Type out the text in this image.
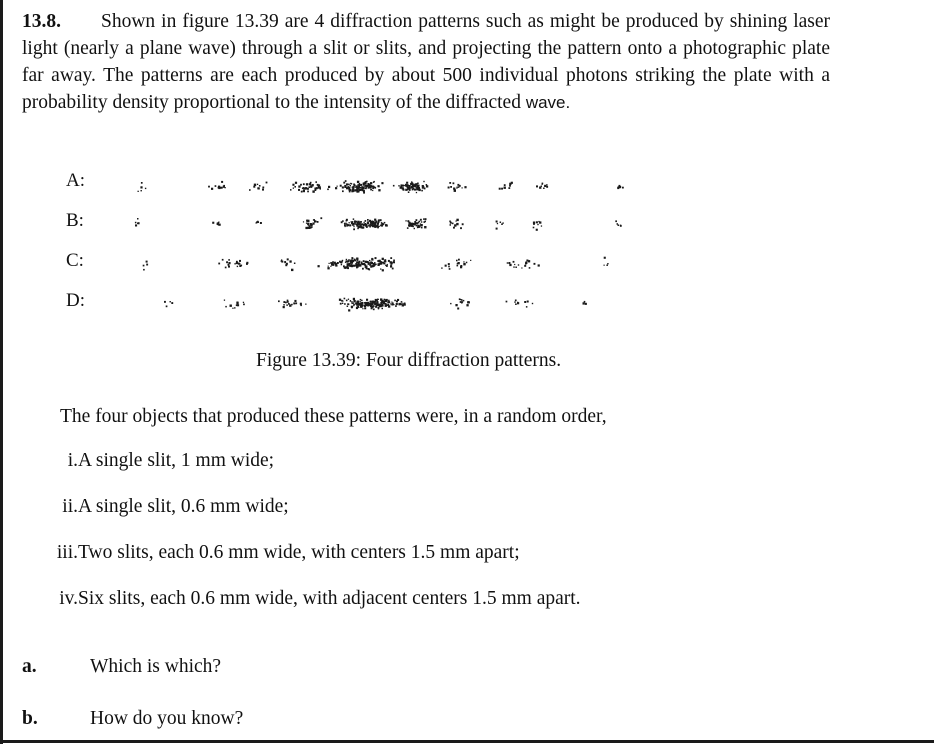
13.8. Shown in figure 13.39 are 4 diffraction patterns such as might be produced by shining laser light (nearly a plane wave) through a slit or slits, and projecting the pattern onto a photographic plate far away. The patterns are each produced by about 500 individual photons striking the plate with a probability density proportional to the intensity of the diffracted wave.
A:
B:
C:
D:
Figure 13.39: Four diffraction patterns.
The four objects that produced these patterns were, in a random order,
i. A single slit, 1 mm wide;
ii. A single slit, 0.6 mm wide;
iii. Two slits, each 0.6 mm wide, with centers 1.5 mm apart;
iv. Six slits, each 0.6 mm wide, with adjacent centers 1.5 mm apart.
a.	Which is which?
b.	How do you know?
